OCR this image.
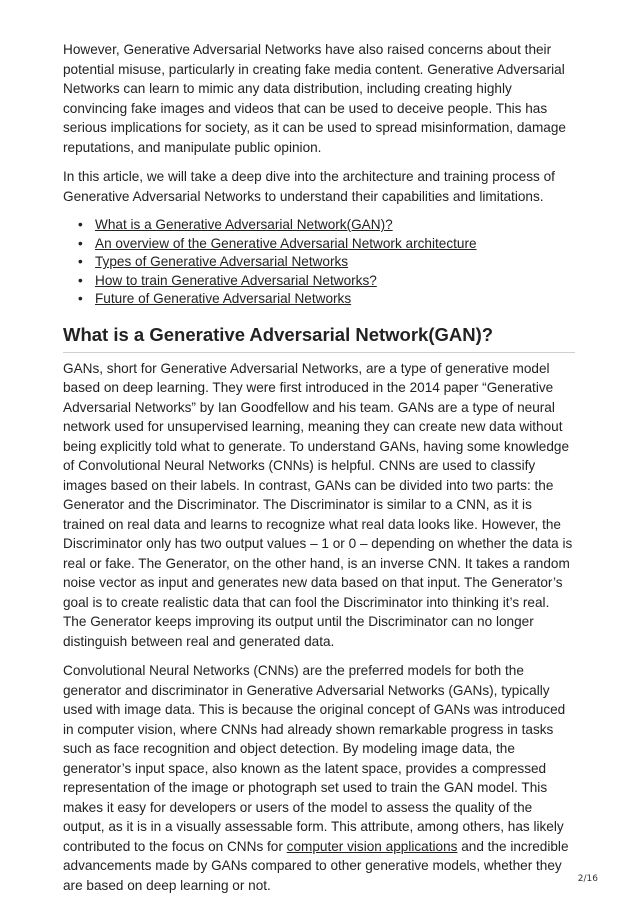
However, Generative Adversarial Networks have also raised concerns about their potential misuse, particularly in creating fake media content. Generative Adversarial Networks can learn to mimic any data distribution, including creating highly convincing fake images and videos that can be used to deceive people. This has serious implications for society, as it can be used to spread misinformation, damage reputations, and manipulate public opinion.

In this article, we will take a deep dive into the architecture and training process of Generative Adversarial Networks to understand their capabilities and limitations.

• What is a Generative Adversarial Network(GAN)?
• An overview of the Generative Adversarial Network architecture
• Types of Generative Adversarial Networks
• How to train Generative Adversarial Networks?
• Future of Generative Adversarial Networks
What is a Generative Adversarial Network(GAN)?

GANs, short for Generative Adversarial Networks, are a type of generative model based on deep learning. They were first introduced in the 2014 paper “Generative Adversarial Networks” by Ian Goodfellow and his team. GANs are a type of neural network used for unsupervised learning, meaning they can create new data without being explicitly told what to generate. To understand GANs, having some knowledge of Convolutional Neural Networks (CNNs) is helpful. CNNs are used to classify images based on their labels. In contrast, GANs can be divided into two parts: the Generator and the Discriminator. The Discriminator is similar to a CNN, as it is trained on real data and learns to recognize what real data looks like. However, the Discriminator only has two output values – 1 or 0 – depending on whether the data is real or fake. The Generator, on the other hand, is an inverse CNN. It takes a random noise vector as input and generates new data based on that input. The Generator’s goal is to create realistic data that can fool the Discriminator into thinking it’s real. The Generator keeps improving its output until the Discriminator can no longer distinguish between real and generated data.

Convolutional Neural Networks (CNNs) are the preferred models for both the generator and discriminator in Generative Adversarial Networks (GANs), typically used with image data. This is because the original concept of GANs was introduced in computer vision, where CNNs had already shown remarkable progress in tasks such as face recognition and object detection. By modeling image data, the generator’s input space, also known as the latent space, provides a compressed representation of the image or photograph set used to train the GAN model. This makes it easy for developers or users of the model to assess the quality of the output, as it is in a visually assessable form. This attribute, among others, has likely contributed to the focus on CNNs for computer vision applications and the incredible advancements made by GANs compared to other generative models, whether they are based on deep learning or not.	2/16
